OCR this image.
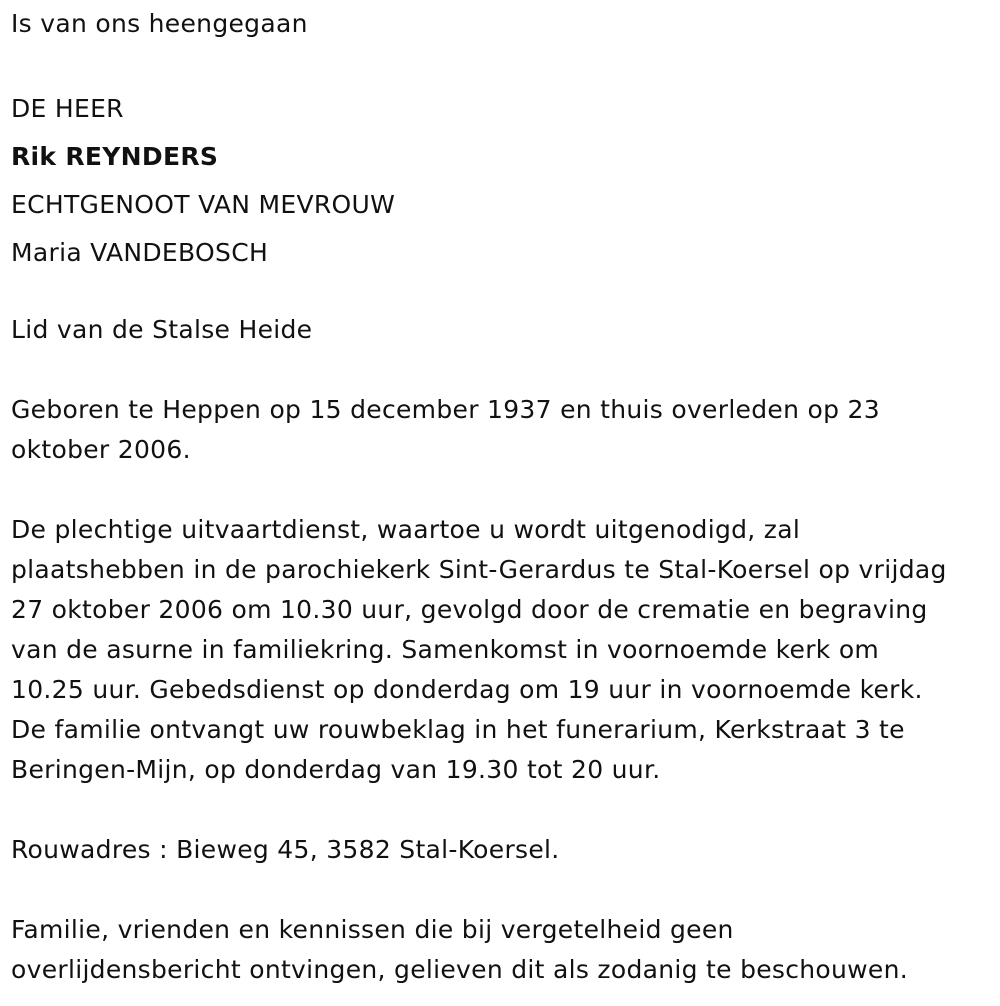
Is van ons heengegaan
DE HEER
Rik REYNDERS
ECHTGENOOT VAN MEVROUW
Maria VANDEBOSCH
Lid van de Stalse Heide
Geboren te Heppen op 15 december 1937 en thuis overleden op 23
oktober 2006.
De plechtige uitvaartdienst, waartoe u wordt uitgenodigd, zal
plaatshebben in de parochiekerk Sint-Gerardus te Stal-Koersel op vrijdag
27 oktober 2006 om 10.30 uur, gevolgd door de crematie en begraving
van de asurne in familiekring. Samenkomst in voornoemde kerk om
10.25 uur. Gebedsdienst op donderdag om 19 uur in voornoemde kerk.
De familie ontvangt uw rouwbeklag in het funerarium, Kerkstraat 3 te
Beringen-Mijn, op donderdag van 19.30 tot 20 uur.
Rouwadres : Bieweg 45, 3582 Stal-Koersel.
Familie, vrienden en kennissen die bij vergetelheid geen
overlijdensbericht ontvingen, gelieven dit als zodanig te beschouwen.
